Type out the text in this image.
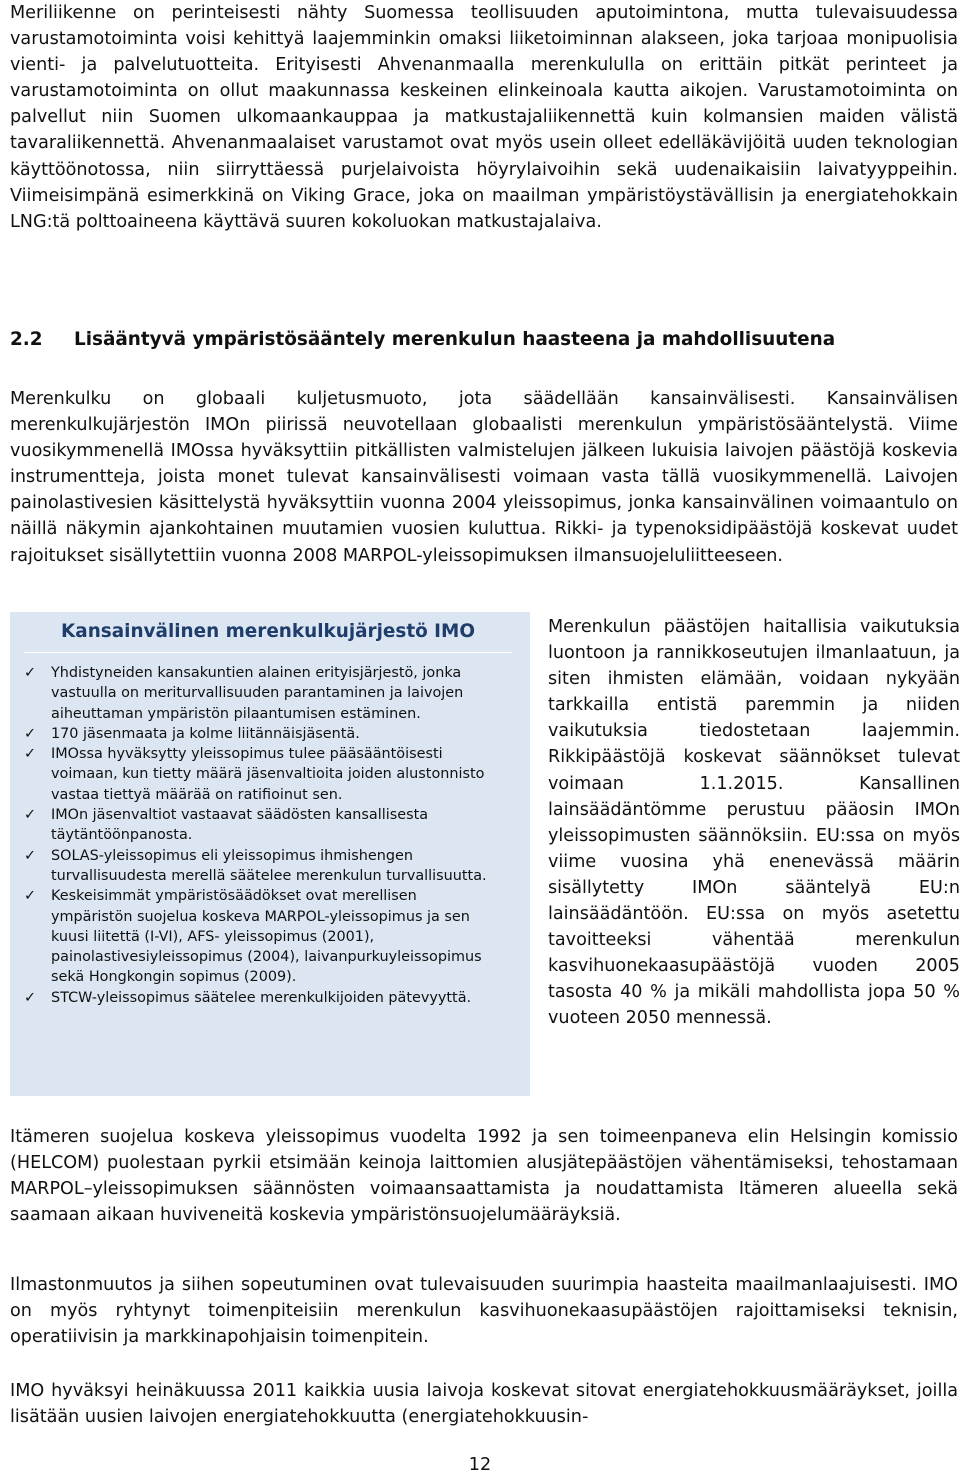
Meriliikenne on perinteisesti nähty Suomessa teollisuuden aputoimintona, mutta tulevaisuudessa varustamotoiminta voisi kehittyä laajemminkin omaksi liiketoiminnan alakseen, joka tarjoaa monipuolisia vienti- ja palvelutuotteita. Erityisesti Ahvenanmaalla merenkululla on erittäin pitkät perinteet ja varustamotoiminta on ollut maakunnassa keskeinen elinkeinoala kautta aikojen. Varustamotoiminta on palvellut niin Suomen ulkomaankauppaa ja matkustajaliikennettä kuin kolmansien maiden välistä tavaraliikennettä. Ahvenanmaalaiset varustamot ovat myös usein olleet edelläkävijöitä uuden teknologian käyttöönotossa, niin siirryttäessä purjelaivoista höyrylaivoihin sekä uudenaikaisiin laivatyyppeihin. Viimeisimpänä esimerkkinä on Viking Grace, joka on maailman ympäristöystävällisin ja energiatehokkain LNG:tä polttoaineena käyttävä suuren kokoluokan matkustajalaiva.

2.2 Lisääntyvä ympäristösääntely merenkulun haasteena ja mahdollisuutena

Merenkulku on globaali kuljetusmuoto, jota säädellään kansainvälisesti. Kansainvälisen merenkulkujärjestön IMOn piirissä neuvotellaan globaalisti merenkulun ympäristösääntelystä. Viime vuosikymmenellä IMOssa hyväksyttiin pitkällisten valmistelujen jälkeen lukuisia laivojen päästöjä koskevia instrumentteja, joista monet tulevat kansainvälisesti voimaan vasta tällä vuosikymmenellä. Laivojen painolastivesien käsittelystä hyväksyttiin vuonna 2004 yleissopimus, jonka kansainvälinen voimaantulo on näillä näkymin ajankohtainen muutamien vuosien kuluttua. Rikki- ja typenoksidipäästöjä koskevat uudet rajoitukset sisällytettiin vuonna 2008 MARPOL-yleissopimuksen ilmansuojeluliitteeseen.

Kansainvälinen merenkulkujärjestö IMO
✓ Yhdistyneiden kansakuntien alainen erityisjärjestö, jonka vastuulla on meriturvallisuuden parantaminen ja laivojen aiheuttaman ympäristön pilaantumisen estäminen.
✓ 170 jäsenmaata ja kolme liitännäisjäsentä.
✓ IMOssa hyväksytty yleissopimus tulee pääsääntöisesti voimaan, kun tietty määrä jäsenvaltioita joiden alustonnisto vastaa tiettyä määrää on ratifioinut sen.
✓ IMOn jäsenvaltiot vastaavat säädösten kansallisesta täytäntöönpanosta.
✓ SOLAS-yleissopimus eli yleissopimus ihmishengen turvallisuudesta merellä säätelee merenkulun turvallisuutta.
✓ Keskeisimmät ympäristösäädökset ovat merellisen ympäristön suojelua koskeva MARPOL-yleissopimus ja sen kuusi liitettä (I-VI), AFS- yleissopimus (2001), painolastivesiyleissopimus (2004), laivanpurkuyleissopimus sekä Hongkongin sopimus (2009).
✓ STCW-yleissopimus säätelee merenkulkijoiden pätevyyttä.

Merenkulun päästöjen haitallisia vaikutuksia luontoon ja rannikkoseutujen ilmanlaatuun, ja siten ihmisten elämään, voidaan nykyään tarkkailla entistä paremmin ja niiden vaikutuksia tiedostetaan laajemmin. Rikkipäästöjä koskevat säännökset tulevat voimaan 1.1.2015. Kansallinen lainsäädäntömme perustuu pääosin IMOn yleissopimusten säännöksiin. EU:ssa on myös viime vuosina yhä enenevässä määrin sisällytetty IMOn sääntelyä EU:n lainsäädäntöön. EU:ssa on myös asetettu tavoitteeksi vähentää merenkulun kasvihuonekaasupäästöjä vuoden 2005 tasosta 40 % ja mikäli mahdollista jopa 50 % vuoteen 2050 mennessä.

Itämeren suojelua koskeva yleissopimus vuodelta 1992 ja sen toimeenpaneva elin Helsingin komissio (HELCOM) puolestaan pyrkii etsimään keinoja laittomien alusjätepäästöjen vähentämiseksi, tehostamaan MARPOL–yleissopimuksen säännösten voimaansaattamista ja noudattamista Itämeren alueella sekä saamaan aikaan huviveneitä koskevia ympäristönsuojelumääräyksiä.

Ilmastonmuutos ja siihen sopeutuminen ovat tulevaisuuden suurimpia haasteita maailmanlaajuisesti. IMO on myös ryhtynyt toimenpiteisiin merenkulun kasvihuonekaasupäästöjen rajoittamiseksi teknisin, operatiivisin ja markkinapohjaisin toimenpitein.

IMO hyväksyi heinäkuussa 2011 kaikkia uusia laivoja koskevat sitovat energiatehokkuusmääräykset, joilla lisätään uusien laivojen energiatehokkuutta (energiatehokkuusin-

12
